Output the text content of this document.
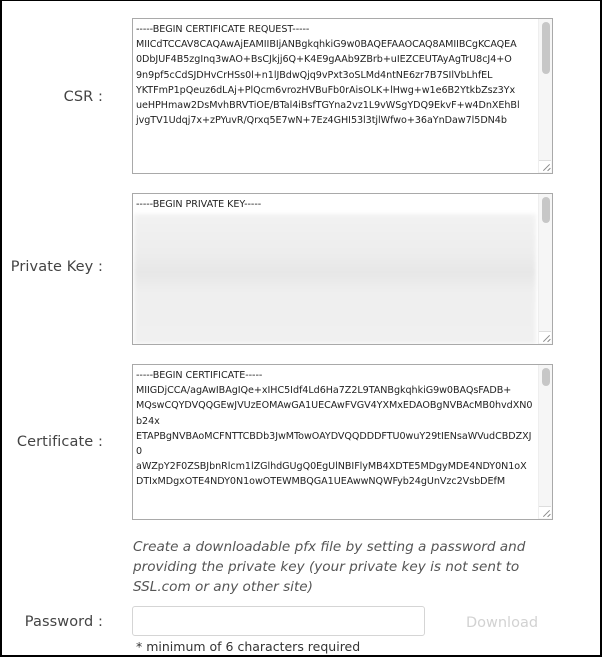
CSR :
-----BEGIN CERTIFICATE REQUEST-----
MIICdTCCAV8CAQAwAjEAMIIBIjANBgkqhkiG9w0BAQEFAAOCAQ8AMIIBCgKCAQEA
0DbJUF4B5zgInq3wAO+BsCJkjj6Q+K4E9gAAb9ZBrb+uIEZCEUTAyAgTrU8cJ4+O
9n9pf5cCdSJDHvCrHSs0l+n1lJBdwQjq9vPxt3oSLMd4ntNE6zr7B7SIlVbLhfEL
YKTFmP1pQeuz6dLAj+PlQcm6vrozHVBuFb0rAisOLK+lHwg+w1e6B2YtkbZsz3Yx
ueHPHmaw2DsMvhBRVTiOE/BTal4iBsfTGYna2vz1L9vWSgYDQ9EkvF+w4DnXEhBl
jvgTV1Udqj7x+zPYuvR/Qrxq5E7wN+7Ez4GHI53l3tjlWfwo+36aYnDaw7l5DN4b
Private Key :
-----BEGIN PRIVATE KEY-----
Certificate :
-----BEGIN CERTIFICATE-----
MIIGDjCCA/agAwIBAgIQe+xIHC5Idf4Ld6Ha7Z2L9TANBgkqhkiG9w0BAQsFADB+
MQswCQYDVQQGEwJVUzEOMAwGA1UECAwFVGV4YXMxEDAOBgNVBAcMB0hvdXN0b24x
ETAPBgNVBAoMCFNTTCBDb3JwMTowOAYDVQQDDDFTU0wuY29tIENsaWVudCBDZXJ0
aWZpY2F0ZSBJbnRlcm1lZGlhdGUgQ0EgUlNBIFlyMB4XDTE5MDgyMDE4NDY0N1oX
DTIxMDgxOTE4NDY0N1owOTEWMBQGA1UEAwwNQWFyb24gUnVzc2VsbDEfM
Create a downloadable pfx file by setting a password and providing the private key (your private key is not sent to SSL.com or any other site)
Password :	Download
* minimum of 6 characters required
